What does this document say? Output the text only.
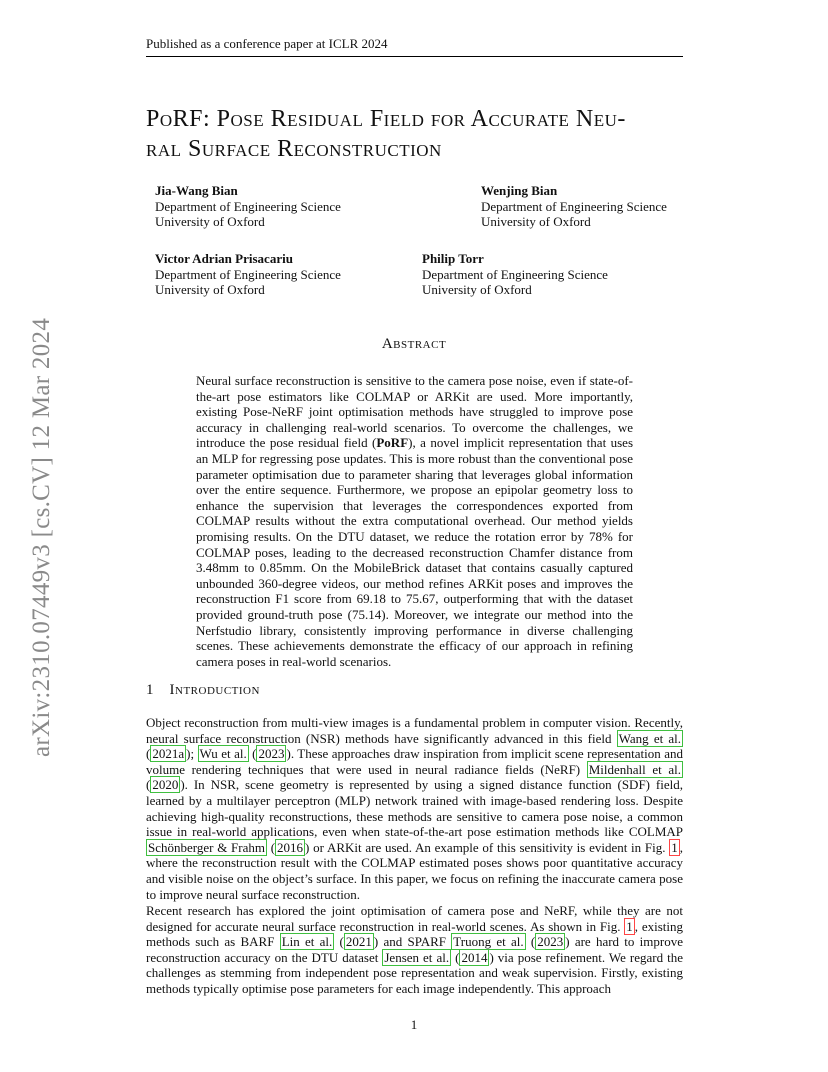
Published as a conference paper at ICLR 2024
PoRF: Pose Residual Field for Accurate Neu-
ral Surface Reconstruction
Jia-Wang Bian
Department of Engineering Science
University of Oxford
Wenjing Bian
Department of Engineering Science
University of Oxford
Victor Adrian Prisacariu
Department of Engineering Science
University of Oxford
Philip Torr
Department of Engineering Science
University of Oxford
arXiv:2310.07449v3 [cs.CV] 12 Mar 2024	Abstract

Neural surface reconstruction is sensitive to the camera pose noise, even if state-of-the-art pose estimators like COLMAP or ARKit are used. More importantly, existing Pose-NeRF joint optimisation methods have struggled to improve pose accuracy in challenging real-world scenarios. To overcome the challenges, we introduce the pose residual field (PoRF), a novel implicit representation that uses an MLP for regressing pose updates. This is more robust than the conventional pose parameter optimisation due to parameter sharing that leverages global information over the entire sequence. Furthermore, we propose an epipolar geometry loss to enhance the supervision that leverages the correspondences exported from COLMAP results without the extra computational overhead. Our method yields promising results. On the DTU dataset, we reduce the rotation error by 78% for COLMAP poses, leading to the decreased reconstruction Chamfer distance from 3.48mm to 0.85mm. On the MobileBrick dataset that contains casually captured unbounded 360-degree videos, our method refines ARKit poses and improves the reconstruction F1 score from 69.18 to 75.67, outperforming that with the dataset provided ground-truth pose (75.14). Moreover, we integrate our method into the Nerfstudio library, consistently improving performance in diverse challenging scenes. These achievements demonstrate the efficacy of our approach in refining camera poses in real-world scenarios.

1 Introduction

Object reconstruction from multi-view images is a fundamental problem in computer vision. Recently, neural surface reconstruction (NSR) methods have significantly advanced in this field Wang et al. ( 2021a ); Wu et al. ( 2023 ). These approaches draw inspiration from implicit scene representation and volume rendering techniques that were used in neural radiance fields (NeRF) Mildenhall et al. ( 2020 ). In NSR, scene geometry is represented by using a signed distance function (SDF) field, learned by a multilayer perceptron (MLP) network trained with image-based rendering loss. Despite achieving high-quality reconstructions, these methods are sensitive to camera pose noise, a common issue in real-world applications, even when state-of-the-art pose estimation methods like COLMAP Schönberger & Frahm ( 2016 ) or ARKit are used. An example of this sensitivity is evident in Fig. 1 , where the reconstruction result with the COLMAP estimated poses shows poor quantitative accuracy and visible noise on the object’s surface. In this paper, we focus on refining the inaccurate camera pose to improve neural surface reconstruction.

Recent research has explored the joint optimisation of camera pose and NeRF, while they are not designed for accurate neural surface reconstruction in real-world scenes. As shown in Fig. 1 , existing methods such as BARF Lin et al. ( 2021 ) and SPARF Truong et al. ( 2023 ) are hard to improve reconstruction accuracy on the DTU dataset Jensen et al. ( 2014 ) via pose refinement. We regard the challenges as stemming from independent pose representation and weak supervision. Firstly, existing methods typically optimise pose parameters for each image independently. This approach

1
